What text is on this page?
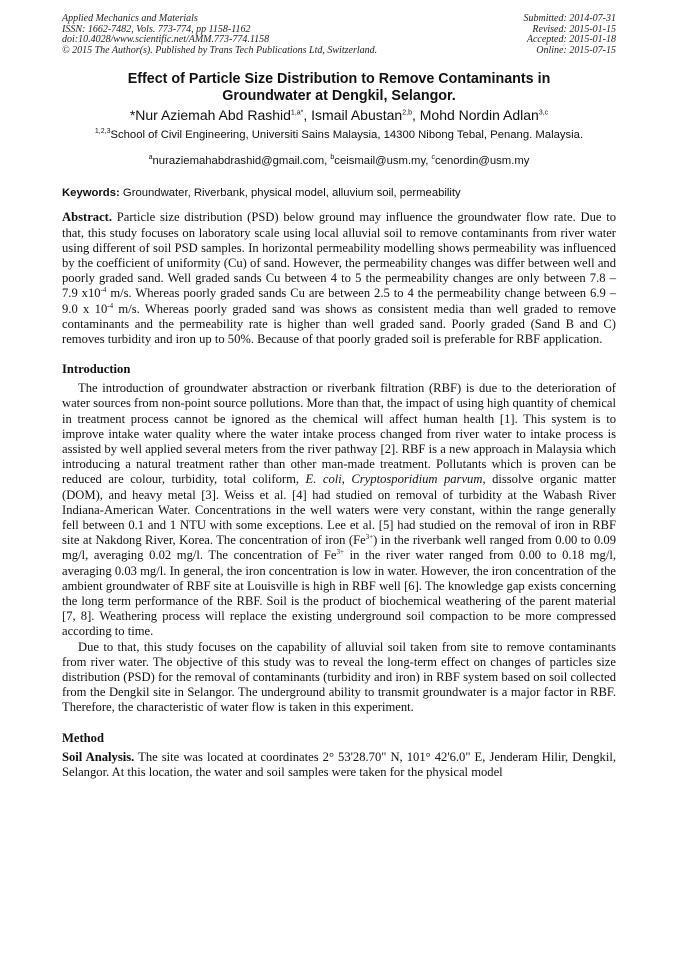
Applied Mechanics and Materials
ISSN: 1662-7482, Vols. 773-774, pp 1158-1162
doi:10.4028/www.scientific.net/AMM.773-774.1158
© 2015 The Author(s). Published by Trans Tech Publications Ltd, Switzerland.
Submitted: 2014-07-31
Revised: 2015-01-15
Accepted: 2015-01-18
Online: 2015-07-15
Effect of Particle Size Distribution to Remove Contaminants in
Groundwater at Dengkil, Selangor.
*Nur Aziemah Abd Rashid$^{1,a*}$, Ismail Abustan$^{2,b}$, Mohd Nordin Adlan$^{3,c}$
$^{1,2,3}$School of Civil Engineering, Universiti Sains Malaysia, 14300 Nibong Tebal, Penang. Malaysia.
$^a$nuraziemahabdrashid@gmail.com, $^b$ceismail@usm.my, $^c$cenordin@usm.my
Keywords: Groundwater, Riverbank, physical model, alluvium soil, permeability

Abstract. Particle size distribution (PSD) below ground may influence the groundwater flow rate. Due to that, this study focuses on laboratory scale using local alluvial soil to remove contaminants from river water using different of soil PSD samples. In horizontal permeability modelling shows permeability was influenced by the coefficient of uniformity (Cu) of sand. However, the permeability changes was differ between well and poorly graded sand. Well graded sands Cu between 4 to 5 the permeability changes are only between 7.8 – 7.9 $x10^{-4}$ m/s. Whereas poorly graded sands Cu are between 2.5 to 4 the permeability change between 6.9 – 9.0 x $10^{-4}$ m/s. Whereas poorly graded sand was shows as consistent media than well graded to remove contaminants and the permeability rate is higher than well graded sand. Poorly graded (Sand B and C) removes turbidity and iron up to 50%. Because of that poorly graded soil is preferable for RBF application.

Introduction

The introduction of groundwater abstraction or riverbank filtration (RBF) is due to the deterioration of water sources from non-point source pollutions. More than that, the impact of using high quantity of chemical in treatment process cannot be ignored as the chemical will affect human health [1]. This system is to improve intake water quality where the water intake process changed from river water to intake process is assisted by well applied several meters from the river pathway [2]. RBF is a new approach in Malaysia which introducing a natural treatment rather than other man-made treatment. Pollutants which is proven can be reduced are colour, turbidity, total coliform, E. coli, Cryptosporidium parvum, dissolve organic matter (DOM), and heavy metal [3]. Weiss et al. [4] had studied on removal of turbidity at the Wabash River Indiana-American Water. Concentrations in the well waters were very constant, within the range generally fell between 0.1 and 1 NTU with some exceptions. Lee et al. [5] had studied on the removal of iron in RBF site at Nakdong River, Korea. The concentration of iron $(Fe^{3+})$ in the riverbank well ranged from 0.00 to 0.09 mg/l, averaging 0.02 mg/l. The concentration of $Fe^{3+}$ in the river water ranged from 0.00 to 0.18 mg/l, averaging 0.03 mg/l. In general, the iron concentration is low in water. However, the iron concentration of the ambient groundwater of RBF site at Louisville is high in RBF well [6]. The knowledge gap exists concerning the long term performance of the RBF. Soil is the product of biochemical weathering of the parent material [7, 8]. Weathering process will replace the existing underground soil compaction to be more compressed according to time.

Due to that, this study focuses on the capability of alluvial soil taken from site to remove contaminants from river water. The objective of this study was to reveal the long-term effect on changes of particles size distribution (PSD) for the removal of contaminants (turbidity and iron) in RBF system based on soil collected from the Dengkil site in Selangor. The underground ability to transmit groundwater is a major factor in RBF. Therefore, the characteristic of water flow is taken in this experiment.

Method

Soil Analysis. The site was located at coordinates 2° 53'28.70" N, 101° 42'6.0" E, Jenderam Hilir, Dengkil, Selangor. At this location, the water and soil samples were taken for the physical model
